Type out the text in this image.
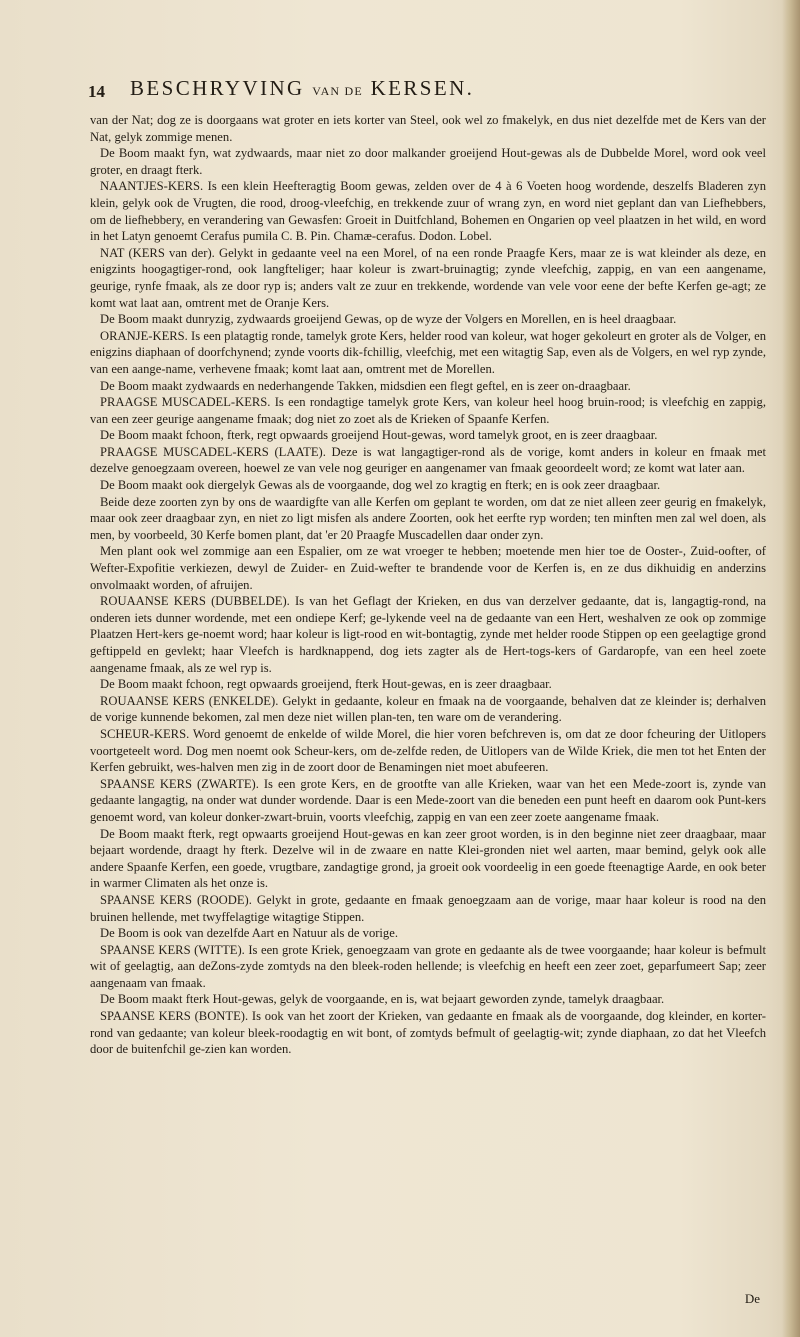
14 BESCHRYVING VAN DE KERSEN.

van der Nat; dog ze is doorgaans wat groter en iets korter van Steel, ook wel zo fmakelyk, en dus niet dezelfde met de Kers van der Nat, gelyk zommige menen.

De Boom maakt fyn, wat zydwaards, maar niet zo door malkander groeijend Hout-gewas als de Dubbelde Morel, word ook veel groter, en draagt fterk.

NAANTJES-KERS. Is een klein Heefteragtig Boom gewas, zelden over de 4 à 6 Voeten hoog wordende, deszelfs Bladeren zyn klein, gelyk ook de Vrugten, die rood, droog-vleefchig, en trekkende zuur of wrang zyn, en word niet geplant dan van Liefhebbers, om de liefhebbery, en verandering van Gewasfen: Groeit in Duitfchland, Bohemen en Ongarien op veel plaatzen in het wild, en word in het Latyn genoemt Cerafus pumila C. B. Pin. Chamæ-cerafus. Dodon. Lobel.

NAT (KERS van der). Gelykt in gedaante veel na een Morel, of na een ronde Praagfe Kers, maar ze is wat kleinder als deze, en enigzints hoogagtiger-rond, ook langfteliger; haar koleur is zwart-bruinagtig; zynde vleefchig, zappig, en van een aangename, geurige, rynfe fmaak, als ze door ryp is; anders valt ze zuur en trekkende, wordende van vele voor eene der befte Kerfen ge-agt; ze komt wat laat aan, omtrent met de Oranje Kers.

De Boom maakt dunryzig, zydwaards groeijend Gewas, op de wyze der Volgers en Morellen, en is heel draagbaar.

ORANJE-KERS. Is een platagtig ronde, tamelyk grote Kers, helder rood van koleur, wat hoger gekoleurt en groter als de Volger, en enigzins diaphaan of doorfchynend; zynde voorts dik-fchillig, vleefchig, met een witagtig Sap, even als de Volgers, en wel ryp zynde, van een aange-name, verhevene fmaak; komt laat aan, omtrent met de Morellen.

De Boom maakt zydwaards en nederhangende Takken, midsdien een flegt geftel, en is zeer on-draagbaar.

PRAAGSE MUSCADEL-KERS. Is een rondagtige tamelyk grote Kers, van koleur heel hoog bruin-rood; is vleefchig en zappig, van een zeer geurige aangename fmaak; dog niet zo zoet als de Krieken of Spaanfe Kerfen.

De Boom maakt fchoon, fterk, regt opwaards groeijend Hout-gewas, word tamelyk groot, en is zeer draagbaar.

PRAAGSE MUSCADEL-KERS (LAATE). Deze is wat langagtiger-rond als de vorige, komt anders in koleur en fmaak met dezelve genoegzaam overeen, hoewel ze van vele nog geuriger en aangenamer van fmaak geoordeelt word; ze komt wat later aan.

De Boom maakt ook diergelyk Gewas als de voorgaande, dog wel zo kragtig en fterk; en is ook zeer draagbaar.

Beide deze zoorten zyn by ons de waardigfte van alle Kerfen om geplant te worden, om dat ze niet alleen zeer geurig en fmakelyk, maar ook zeer draagbaar zyn, en niet zo ligt misfen als andere Zoorten, ook het eerfte ryp worden; ten minften men zal wel doen, als men, by voorbeeld, 30 Kerfe bomen plant, dat 'er 20 Praagfe Muscadellen daar onder zyn.

Men plant ook wel zommige aan een Espalier, om ze wat vroeger te hebben; moetende men hier toe de Ooster-, Zuid-oofter, of Wefter-Expofitie verkiezen, dewyl de Zuider- en Zuid-wefter te brandende voor de Kerfen is, en ze dus dikhuidig en anderzins onvolmaakt worden, of afruijen.

ROUAANSE KERS (DUBBELDE). Is van het Geflagt der Krieken, en dus van derzelver gedaante, dat is, langagtig-rond, na onderen iets dunner wordende, met een ondiepe Kerf; ge-lykende veel na de gedaante van een Hert, weshalven ze ook op zommige Plaatzen Hert-kers ge-noemt word; haar koleur is ligt-rood en wit-bontagtig, zynde met helder roode Stippen op een geelagtige grond geftippeld en gevlekt; haar Vleefch is hardknappend, dog iets zagter als de Hert-togs-kers of Gardaropfe, van een heel zoete aangename fmaak, als ze wel ryp is.

De Boom maakt fchoon, regt opwaards groeijend, fterk Hout-gewas, en is zeer draagbaar.

ROUAANSE KERS (ENKELDE). Gelykt in gedaante, koleur en fmaak na de voorgaande, behalven dat ze kleinder is; derhalven de vorige kunnende bekomen, zal men deze niet willen plan-ten, ten ware om de verandering.

SCHEUR-KERS. Word genoemt de enkelde of wilde Morel, die hier voren befchreven is, om dat ze door fcheuring der Uitlopers voortgeteelt word. Dog men noemt ook Scheur-kers, om de-zelfde reden, de Uitlopers van de Wilde Kriek, die men tot het Enten der Kerfen gebruikt, wes-halven men zig in de zoort door de Benamingen niet moet abufeeren.

SPAANSE KERS (ZWARTE). Is een grote Kers, en de grootfte van alle Krieken, waar van het een Mede-zoort is, zynde van gedaante langagtig, na onder wat dunder wordende. Daar is een Mede-zoort van die beneden een punt heeft en daarom ook Punt-kers genoemt word, van koleur donker-zwart-bruin, voorts vleefchig, zappig en van een zeer zoete aangename fmaak.

De Boom maakt fterk, regt opwaarts groeijend Hout-gewas en kan zeer groot worden, is in den beginne niet zeer draagbaar, maar bejaart wordende, draagt hy fterk. Dezelve wil in de zwaare en natte Klei-gronden niet wel aarten, maar bemind, gelyk ook alle andere Spaanfe Kerfen, een goede, vrugtbare, zandagtige grond, ja groeit ook voordeelig in een goede fteenagtige Aarde, en ook beter in warmer Climaten als het onze is.

SPAANSE KERS (ROODE). Gelykt in grote, gedaante en fmaak genoegzaam aan de vorige, maar haar koleur is rood na den bruinen hellende, met twyffelagtige witagtige Stippen.

De Boom is ook van dezelfde Aart en Natuur als de vorige.

SPAANSE KERS (WITTE). Is een grote Kriek, genoegzaam van grote en gedaante als de twee voorgaande; haar koleur is befmult wit of geelagtig, aan deZons-zyde zomtyds na den bleek-roden hellende; is vleefchig en heeft een zeer zoet, geparfumeert Sap; zeer aangenaam van fmaak.

De Boom maakt fterk Hout-gewas, gelyk de voorgaande, en is, wat bejaart geworden zynde, tamelyk draagbaar.

SPAANSE KERS (BONTE). Is ook van het zoort der Krieken, van gedaante en fmaak als de voorgaande, dog kleinder, en korter-rond van gedaante; van koleur bleek-roodagtig en wit bont, of zomtyds befmult of geelagtig-wit; zynde diaphaan, zo dat het Vleefch door de buitenfchil ge-zien kan worden.

De
